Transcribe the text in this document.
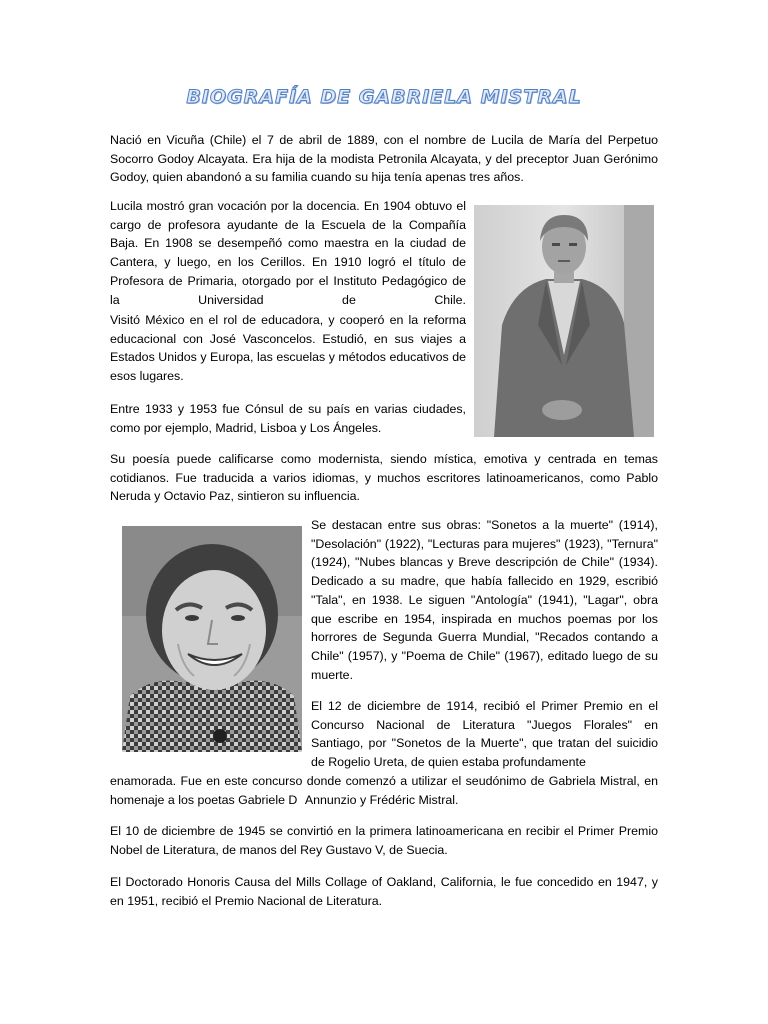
BIOGRAFÍA DE GABRIELA MISTRAL

Nació en Vicuña (Chile) el 7 de abril de 1889, con el nombre de Lucila de María del Perpetuo Socorro Godoy Alcayata. Era hija de la modista Petronila Alcayata, y del preceptor Juan Gerónimo Godoy, quien abandonó a su familia cuando su hija tenía apenas tres años.

Lucila mostró gran vocación por la docencia. En 1904 obtuvo el cargo de profesora ayudante de la Escuela de la Compañía Baja. En 1908 se desempeñó como maestra en la ciudad de Cantera, y luego, en los Cerillos. En 1910 logró el título de Profesora de Primaria, otorgado por el Instituto Pedagógico de la Universidad de Chile.

Visitó México en el rol de educadora, y cooperó en la reforma educacional con José Vasconcelos. Estudió, en sus viajes a Estados Unidos y Europa, las escuelas y métodos educativos de esos lugares.

Entre 1933 y 1953 fue Cónsul de su país en varias ciudades, como por ejemplo, Madrid, Lisboa y Los Ángeles.

Su poesía puede calificarse como modernista, siendo mística, emotiva y centrada en temas cotidianos. Fue traducida a varios idiomas, y muchos escritores latinoamericanos, como Pablo Neruda y Octavio Paz, sintieron su influencia.

Se destacan entre sus obras: "Sonetos a la muerte" (1914), "Desolación" (1922), "Lecturas para mujeres" (1923), "Ternura" (1924), "Nubes blancas y Breve descripción de Chile" (1934). Dedicado a su madre, que había fallecido en 1929, escribió "Tala", en 1938. Le siguen "Antología" (1941), "Lagar", obra que escribe en 1954, inspirada en muchos poemas por los horrores de Segunda Guerra Mundial, "Recados contando a Chile" (1957), y "Poema de Chile" (1967), editado luego de su muerte.

El 12 de diciembre de 1914, recibió el Primer Premio en el Concurso Nacional de Literatura "Juegos Florales" en Santiago, por "Sonetos de la Muerte", que tratan del suicidio de Rogelio Ureta, de quien estaba profundamente

enamorada. Fue en este concurso donde comenzó a utilizar el seudónimo de Gabriela Mistral, en homenaje a los poetas Gabriele DAnnunzio y Frédéric Mistral.

El 10 de diciembre de 1945 se convirtió en la primera latinoamericana en recibir el Primer Premio Nobel de Literatura, de manos del Rey Gustavo V, de Suecia.

El Doctorado Honoris Causa del Mills Collage of Oakland, California, le fue concedido en 1947, y en 1951, recibió el Premio Nacional de Literatura.
